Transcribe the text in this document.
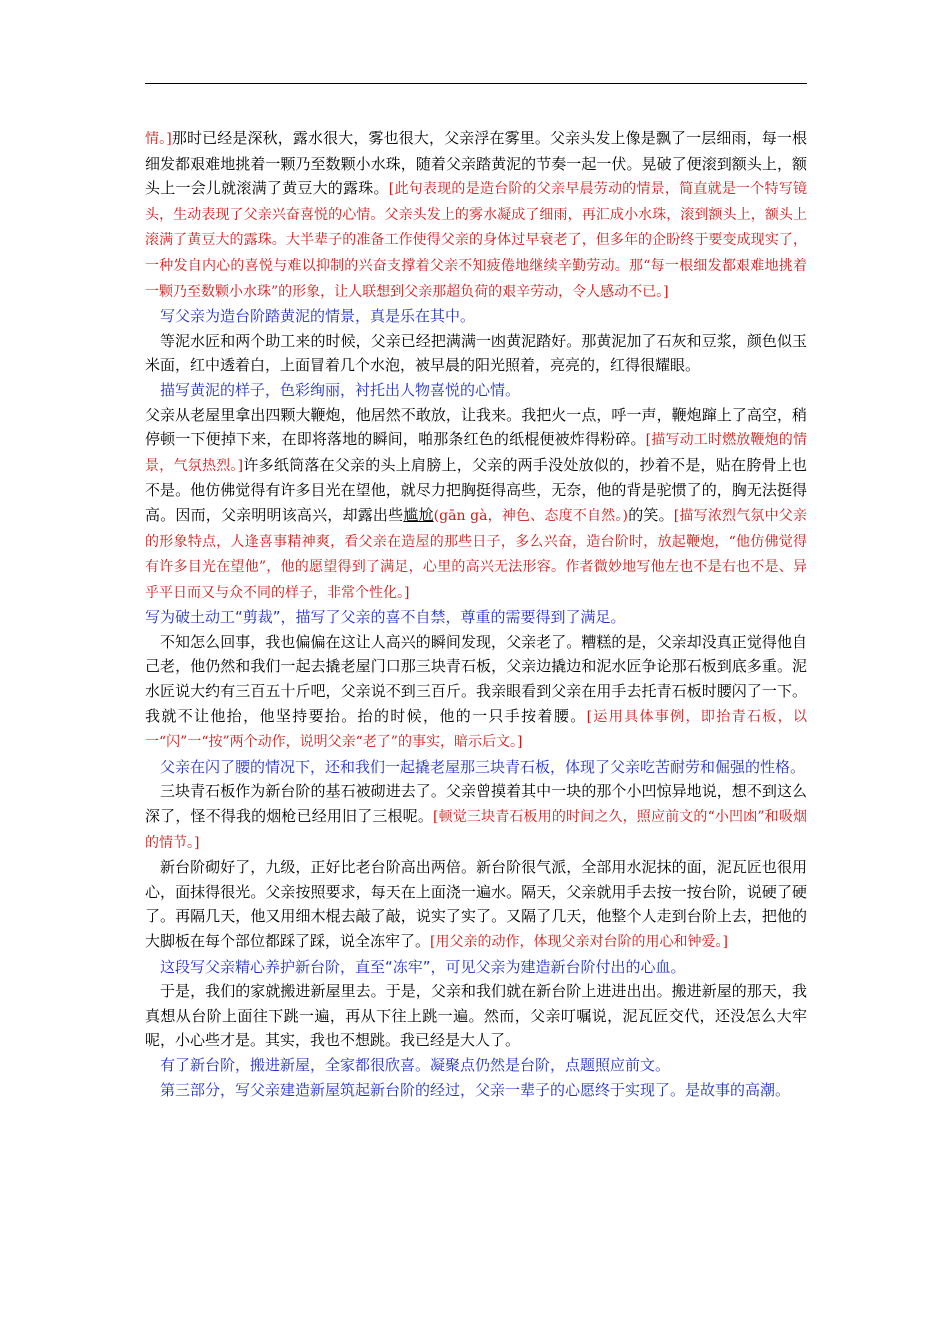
情。]那时已经是深秋，露水很大，雾也很大，父亲浮在雾里。父亲头发上像是飘了一层细雨，每一根细发都艰难地挑着一颗乃至数颗小水珠，随着父亲踏黄泥的节奏一起一伏。晃破了便滚到额头上，额头上一会儿就滚满了黄豆大的露珠。[此句表现的是造台阶的父亲早晨劳动的情景，简直就是一个特写镜头，生动表现了父亲兴奋喜悦的心情。父亲头发上的雾水凝成了细雨，再汇成小水珠，滚到额头上，额头上滚满了黄豆大的露珠。大半辈子的准备工作使得父亲的身体过早衰老了，但多年的企盼终于要变成现实了，一种发自内心的喜悦与难以抑制的兴奋支撑着父亲不知疲倦地继续辛勤劳动。那“每一根细发都艰难地挑着一颗乃至数颗小水珠”的形象，让人联想到父亲那超负荷的艰辛劳动，令人感动不已。]

写父亲为造台阶踏黄泥的情景，真是乐在其中。

等泥水匠和两个助工来的时候，父亲已经把满满一凼黄泥踏好。那黄泥加了石灰和豆浆，颜色似玉米面，红中透着白，上面冒着几个水泡，被早晨的阳光照着，亮亮的，红得很耀眼。

描写黄泥的样子，色彩绚丽，衬托出人物喜悦的心情。

父亲从老屋里拿出四颗大鞭炮，他居然不敢放，让我来。我把火一点，呼一声，鞭炮蹿上了高空，稍停顿一下便掉下来，在即将落地的瞬间，啪那条红色的纸棍便被炸得粉碎。[描写动工时燃放鞭炮的情景，气氛热烈。]许多纸筒落在父亲的头上肩膀上，父亲的两手没处放似的，抄着不是，贴在胯骨上也不是。他仿佛觉得有许多目光在望他，就尽力把胸挺得高些，无奈，他的背是驼惯了的，胸无法挺得高。因而，父亲明明该高兴，却露出些尴尬(gān gà，神色、态度不自然。)的笑。[描写浓烈气氛中父亲的形象特点，人逢喜事精神爽，看父亲在造屋的那些日子，多么兴奋，造台阶时，放起鞭炮，“他仿佛觉得有许多目光在望他”，他的愿望得到了满足，心里的高兴无法形容。作者微妙地写他左也不是右也不是、异乎平日而又与众不同的样子，非常个性化。]

写为破土动工“剪裁”，描写了父亲的喜不自禁，尊重的需要得到了满足。

不知怎么回事，我也偏偏在这让人高兴的瞬间发现，父亲老了。糟糕的是，父亲却没真正觉得他自己老，他仍然和我们一起去撬老屋门口那三块青石板，父亲边撬边和泥水匠争论那石板到底多重。泥水匠说大约有三百五十斤吧，父亲说不到三百斤。我亲眼看到父亲在用手去托青石板时腰闪了一下。我就不让他抬，他坚持要抬。抬的时候，他的一只手按着腰。[运用具体事例，即抬青石板，以一“闪”一“按”两个动作，说明父亲“老了”的事实，暗示后文。]

父亲在闪了腰的情况下，还和我们一起撬老屋那三块青石板，体现了父亲吃苦耐劳和倔强的性格。

三块青石板作为新台阶的基石被砌进去了。父亲曾摸着其中一块的那个小凹惊异地说，想不到这么深了，怪不得我的烟枪已经用旧了三根呢。[顿觉三块青石板用的时间之久，照应前文的“小凹凼”和吸烟的情节。]

新台阶砌好了，九级，正好比老台阶高出两倍。新台阶很气派，全部用水泥抹的面，泥瓦匠也很用心，面抹得很光。父亲按照要求，每天在上面浇一遍水。隔天，父亲就用手去按一按台阶，说硬了硬了。再隔几天，他又用细木棍去敲了敲，说实了实了。又隔了几天，他整个人走到台阶上去，把他的大脚板在每个部位都踩了踩，说全冻牢了。[用父亲的动作，体现父亲对台阶的用心和钟爱。]

这段写父亲精心养护新台阶，直至“冻牢”，可见父亲为建造新台阶付出的心血。

于是，我们的家就搬进新屋里去。于是，父亲和我们就在新台阶上进进出出。搬进新屋的那天，我真想从台阶上面往下跳一遍，再从下往上跳一遍。然而，父亲叮嘱说，泥瓦匠交代，还没怎么大牢呢，小心些才是。其实，我也不想跳。我已经是大人了。

有了新台阶，搬进新屋，全家都很欣喜。凝聚点仍然是台阶，点题照应前文。

第三部分，写父亲建造新屋筑起新台阶的经过，父亲一辈子的心愿终于实现了。是故事的高潮。
